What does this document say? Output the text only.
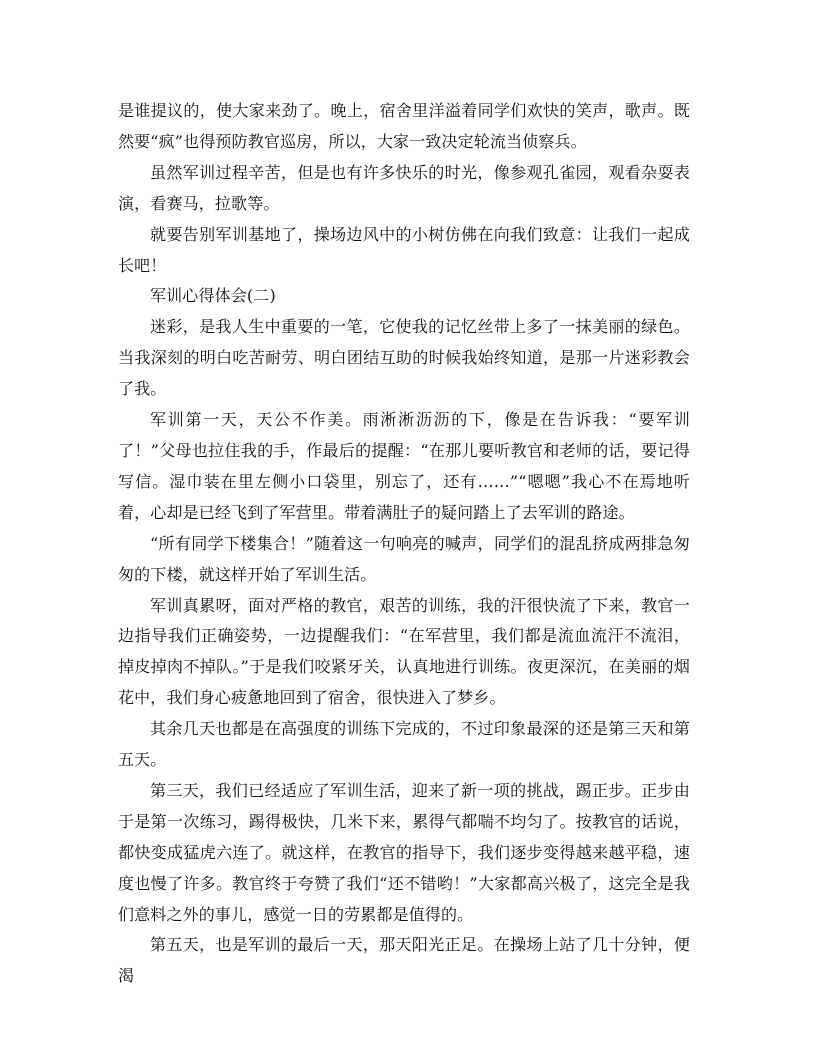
是谁提议的，使大家来劲了。晚上，宿舍里洋溢着同学们欢快的笑声，歌声。既然要“疯”也得预防教官巡房，所以，大家一致决定轮流当侦察兵。

虽然军训过程辛苦，但是也有许多快乐的时光，像参观孔雀园，观看杂耍表演，看赛马，拉歌等。

就要告别军训基地了，操场边风中的小树仿佛在向我们致意：让我们一起成长吧！

军训心得体会(二)

迷彩，是我人生中重要的一笔，它使我的记忆丝带上多了一抹美丽的绿色。当我深刻的明白吃苦耐劳、明白团结互助的时候我始终知道，是那一片迷彩教会了我。

军训第一天，天公不作美。雨淅淅沥沥的下，像是在告诉我：“要军训了！”父母也拉住我的手，作最后的提醒：“在那儿要听教官和老师的话，要记得写信。湿巾装在里左侧小口袋里，别忘了，还有……”“嗯嗯”我心不在焉地听着，心却是已经飞到了军营里。带着满肚子的疑问踏上了去军训的路途。

“所有同学下楼集合！”随着这一句响亮的喊声，同学们的混乱挤成两排急匆匆的下楼，就这样开始了军训生活。

军训真累呀，面对严格的教官，艰苦的训练，我的汗很快流了下来，教官一边指导我们正确姿势，一边提醒我们：“在军营里，我们都是流血流汗不流泪，掉皮掉肉不掉队。”于是我们咬紧牙关，认真地进行训练。夜更深沉，在美丽的烟花中，我们身心疲惫地回到了宿舍，很快进入了梦乡。

其余几天也都是在高强度的训练下完成的，不过印象最深的还是第三天和第五天。

第三天，我们已经适应了军训生活，迎来了新一项的挑战，踢正步。正步由于是第一次练习，踢得极快，几米下来，累得气都喘不均匀了。按教官的话说，都快变成猛虎六连了。就这样，在教官的指导下，我们逐步变得越来越平稳，速度也慢了许多。教官终于夸赞了我们“还不错哟！”大家都高兴极了，这完全是我们意料之外的事儿，感觉一日的劳累都是值得的。

第五天，也是军训的最后一天，那天阳光正足。在操场上站了几十分钟，便渴
